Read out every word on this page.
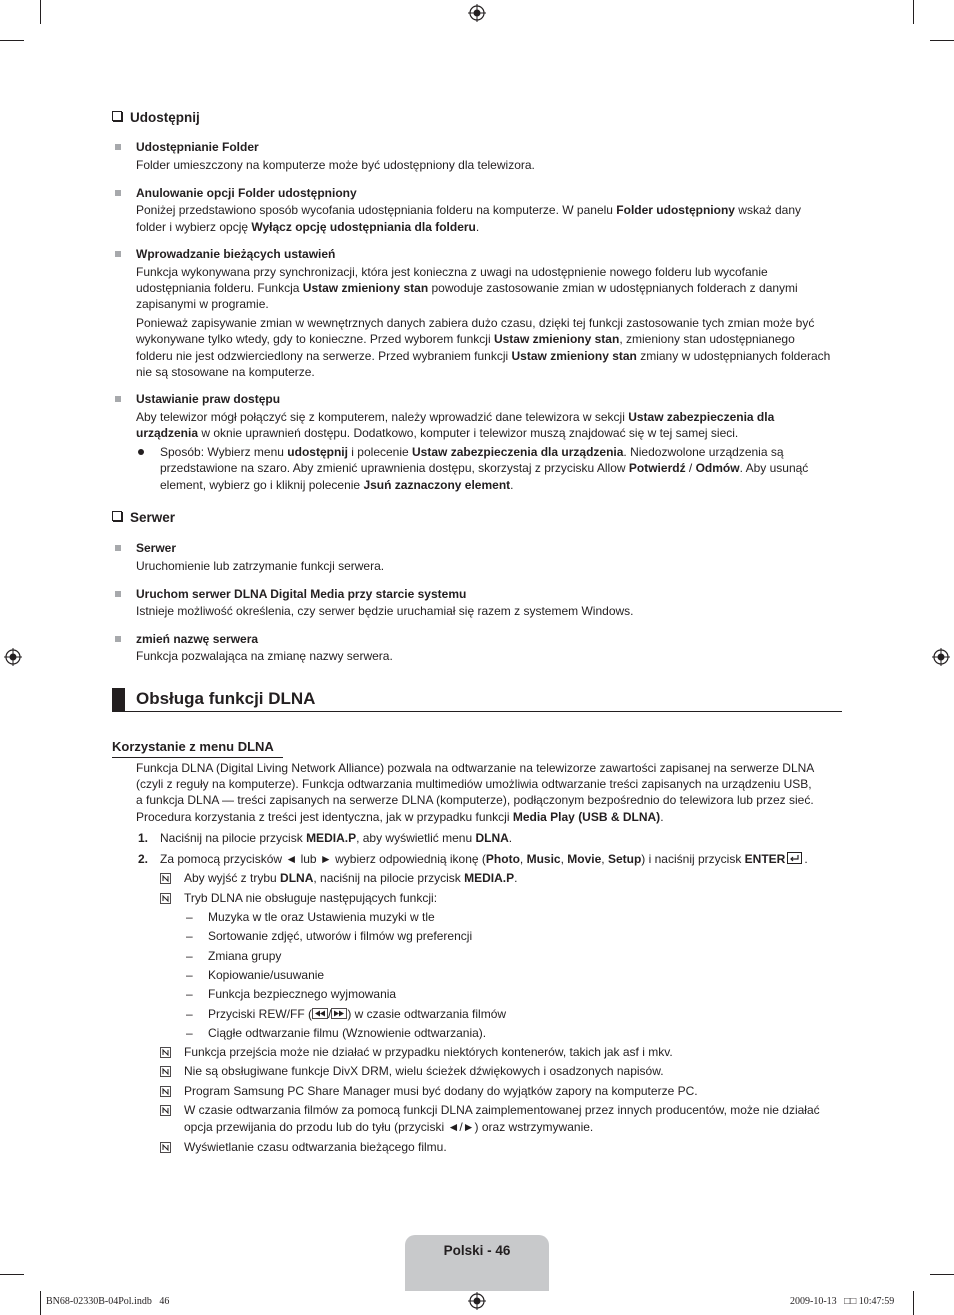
Udostępnij
Udostępnianie Folder
Folder umieszczony na komputerze może być udostępniony dla telewizora.
Anulowanie opcji Folder udostępniony
Poniżej przedstawiono sposób wycofania udostępniania folderu na komputerze. W panelu Folder udostępniony wskaż dany
folder i wybierz opcję Wyłącz opcję udostępniania dla folderu.
Wprowadzanie bieżących ustawień
Funkcja wykonywana przy synchronizacji, która jest konieczna z uwagi na udostępnienie nowego folderu lub wycofanie
udostępniania folderu. Funkcja Ustaw zmieniony stan powoduje zastosowanie zmian w udostępnianych folderach z danymi
zapisanymi w programie.
Ponieważ zapisywanie zmian w wewnętrznych danych zabiera dużo czasu, dzięki tej funkcji zastosowanie tych zmian może być
wykonywane tylko wtedy, gdy to konieczne. Przed wyborem funkcji Ustaw zmieniony stan, zmieniony stan udostępnianego
folderu nie jest odzwierciedlony na serwerze. Przed wybraniem funkcji Ustaw zmieniony stan zmiany w udostępnianych folderach
nie są stosowane na komputerze.
Ustawianie praw dostępu
Aby telewizor mógł połączyć się z komputerem, należy wprowadzić dane telewizora w sekcji Ustaw zabezpieczenia dla
urządzenia w oknie uprawnień dostępu. Dodatkowo, komputer i telewizor muszą znajdować się w tej samej sieci.
Sposób: Wybierz menu udostępnij i polecenie Ustaw zabezpieczenia dla urządzenia. Niedozwolone urządzenia są
przedstawione na szaro. Aby zmienić uprawnienia dostępu, skorzystaj z przycisku Allow Potwierdź / Odmów. Aby usunąć
element, wybierz go i kliknij polecenie Jsuń zaznaczony element.
Serwer
Serwer
Uruchomienie lub zatrzymanie funkcji serwera.
Uruchom serwer DLNA Digital Media przy starcie systemu
Istnieje możliwość określenia, czy serwer będzie uruchamiał się razem z systemem Windows.
zmień nazwę serwera
Funkcja pozwalająca na zmianę nazwy serwera.
Obsługa funkcji DLNA
Korzystanie z menu DLNA
Funkcja DLNA (Digital Living Network Alliance) pozwala na odtwarzanie na telewizorze zawartości zapisanej na serwerze DLNA
(czyli z reguły na komputerze). Funkcja odtwarzania multimediów umożliwia odtwarzanie treści zapisanych na urządzeniu USB,
a funkcja DLNA — treści zapisanych na serwerze DLNA (komputerze), podłączonym bezpośrednio do telewizora lub przez sieć.
Procedura korzystania z treści jest identyczna, jak w przypadku funkcji Media Play (USB & DLNA).
1. Naciśnij na pilocie przycisk MEDIA.P, aby wyświetlić menu DLNA.
2. Za pomocą przycisków ◄ lub ► wybierz odpowiednią ikonę (Photo, Music, Movie, Setup) i naciśnij przycisk ENTER .
Aby wyjść z trybu DLNA, naciśnij na pilocie przycisk MEDIA.P.
Tryb DLNA nie obsługuje następujących funkcji:
– Muzyka w tle oraz Ustawienia muzyki w tle
– Sortowanie zdjęć, utworów i filmów wg preferencji
– Zmiana grupy
– Kopiowanie/usuwanie
– Funkcja bezpiecznego wyjmowania
– Przyciski REW/FF ( / ) w czasie odtwarzania filmów
– Ciągłe odtwarzanie filmu (Wznowienie odtwarzania).
Funkcja przejścia może nie działać w przypadku niektórych kontenerów, takich jak asf i mkv.
Nie są obsługiwane funkcje DivX DRM, wielu ścieżek dźwiękowych i osadzonych napisów.
Program Samsung PC Share Manager musi być dodany do wyjątków zapory na komputerze PC.
W czasie odtwarzania filmów za pomocą funkcji DLNA zaimplementowanej przez innych producentów, może nie działać
opcja przewijania do przodu lub do tyłu (przyciski ◄/►) oraz wstrzymywanie.
Wyświetlanie czasu odtwarzania bieżącego filmu.
Polski - 46
BN68-02330B-04Pol.indb   46	2009-10-13   □□ 10:47:59
